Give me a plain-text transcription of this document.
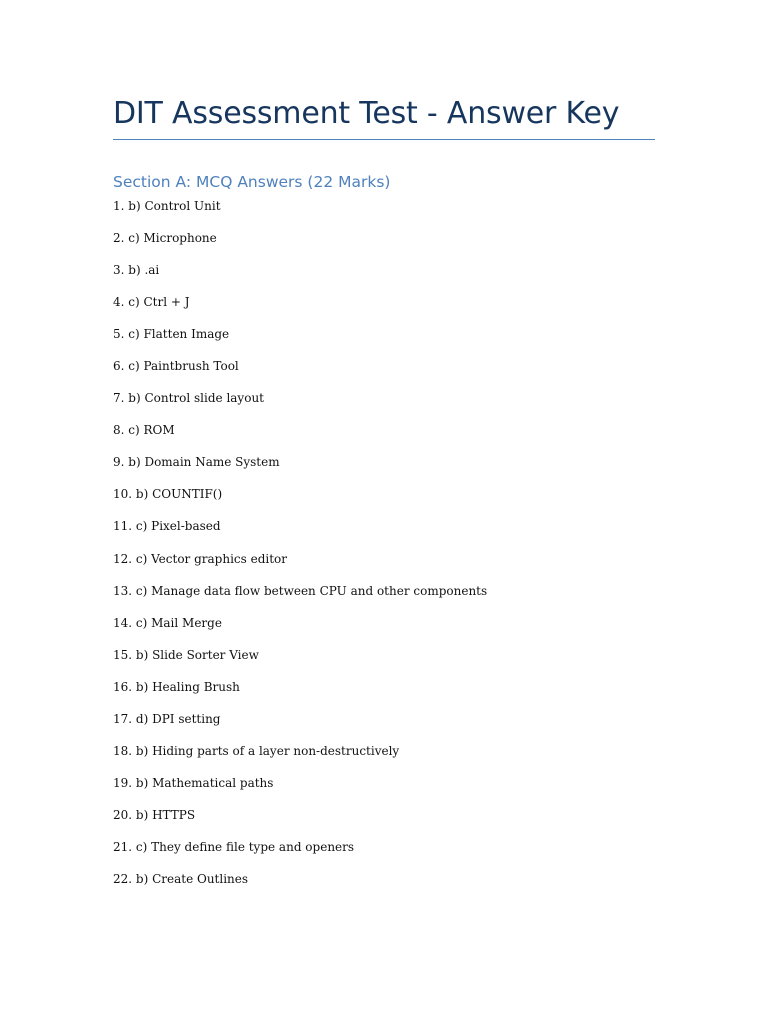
DIT Assessment Test - Answer Key
Section A: MCQ Answers (22 Marks)
1. b) Control Unit
2. c) Microphone
3. b) .ai
4. c) Ctrl + J
5. c) Flatten Image
6. c) Paintbrush Tool
7. b) Control slide layout
8. c) ROM
9. b) Domain Name System
10. b) COUNTIF()
11. c) Pixel-based
12. c) Vector graphics editor
13. c) Manage data flow between CPU and other components
14. c) Mail Merge
15. b) Slide Sorter View
16. b) Healing Brush
17. d) DPI setting
18. b) Hiding parts of a layer non-destructively
19. b) Mathematical paths
20. b) HTTPS
21. c) They define file type and openers
22. b) Create Outlines
